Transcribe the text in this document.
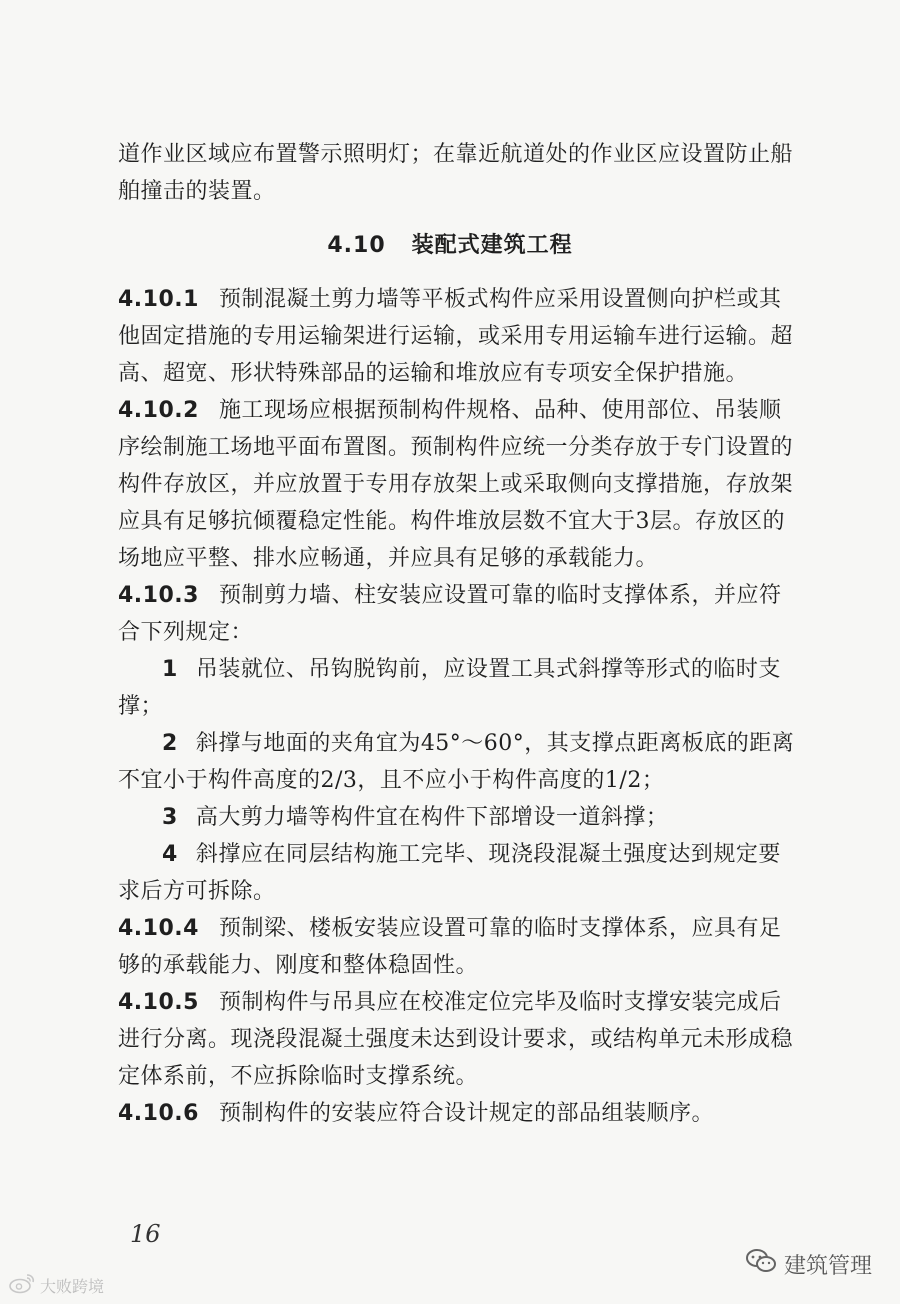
道作业区域应布置警示照明灯；在靠近航道处的作业区应设置防止船舶撞击的装置。

4.10 装配式建筑工程

4.10.1 预制混凝土剪力墙等平板式构件应采用设置侧向护栏或其他固定措施的专用运输架进行运输，或采用专用运输车进行运输。超高、超宽、形状特殊部品的运输和堆放应有专项安全保护措施。

4.10.2 施工现场应根据预制构件规格、品种、使用部位、吊装顺序绘制施工场地平面布置图。预制构件应统一分类存放于专门设置的构件存放区，并应放置于专用存放架上或采取侧向支撑措施，存放架应具有足够抗倾覆稳定性能。构件堆放层数不宜大于3层。存放区的场地应平整、排水应畅通，并应具有足够的承载能力。

4.10.3 预制剪力墙、柱安装应设置可靠的临时支撑体系，并应符合下列规定：

1 吊装就位、吊钩脱钩前，应设置工具式斜撑等形式的临时支撑；

2 斜撑与地面的夹角宜为45°～60°，其支撑点距离板底的距离不宜小于构件高度的2/3，且不应小于构件高度的1/2；

3 高大剪力墙等构件宜在构件下部增设一道斜撑；

4 斜撑应在同层结构施工完毕、现浇段混凝土强度达到规定要求后方可拆除。

4.10.4 预制梁、楼板安装应设置可靠的临时支撑体系，应具有足够的承载能力、刚度和整体稳固性。

4.10.5 预制构件与吊具应在校准定位完毕及临时支撑安装完成后进行分离。现浇段混凝土强度未达到设计要求，或结构单元未形成稳定体系前，不应拆除临时支撑系统。

4.10.6 预制构件的安装应符合设计规定的部品组装顺序。

16
建筑管理
大败跨境
